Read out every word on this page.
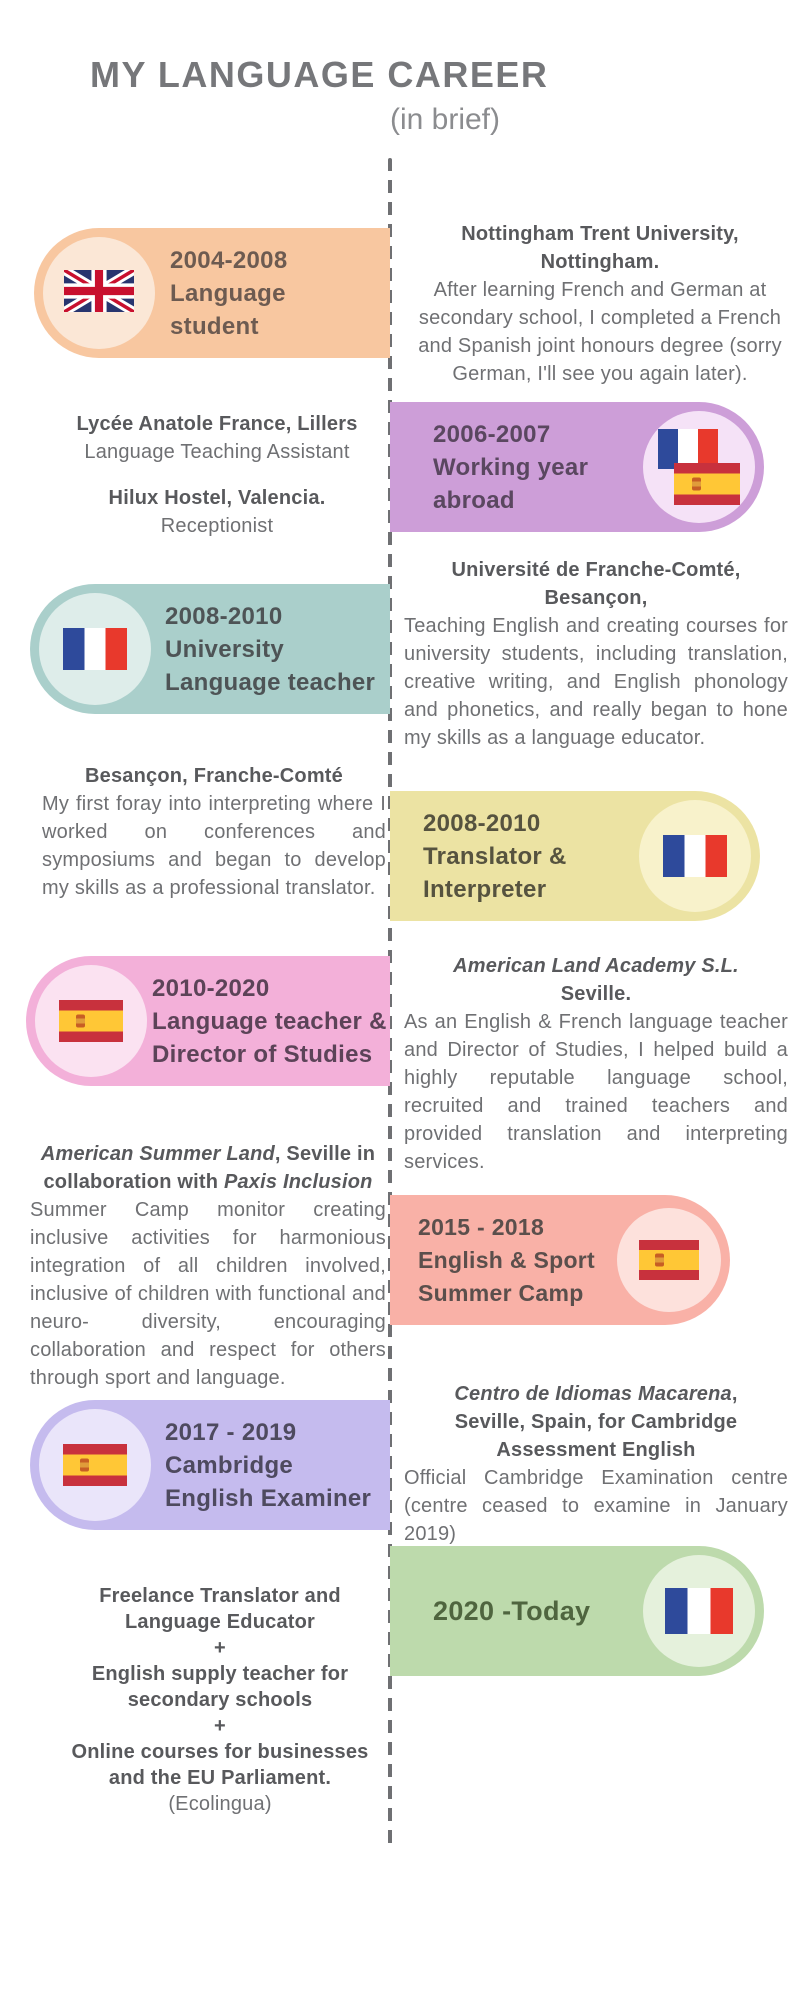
MY LANGUAGE CAREER
(in brief)
2004-2008
Language
student
Nottingham Trent University, Nottingham.
After learning French and German at secondary school, I completed a French and Spanish joint honours degree (sorry German, I'll see you again later).
Lycée Anatole France, Lillers
Language Teaching Assistant
Hilux Hostel, Valencia.
Receptionist
2006-2007
Working year
abroad
2008-2010
University
Language teacher
Université de Franche-Comté, Besançon,
Teaching English and creating courses for university students, including translation, creative writing, and English phonology and phonetics, and really began to hone my skills as a language educator.
Besançon, Franche-Comté
My first foray into interpreting where I worked on conferences and symposiums and began to develop my skills as a professional translator.
2008-2010
Translator &
Interpreter
2010-2020
Language teacher &
Director of Studies
American Land Academy S.L. Seville.
As an English & French language teacher and Director of Studies, I helped build a highly reputable language school, recruited and trained teachers and provided translation and interpreting services.
American Summer Land, Seville in collaboration with Paxis Inclusion
Summer Camp monitor creating inclusive activities for harmonious integration of all children involved, inclusive of children with functional and neuro- diversity, encouraging collaboration and respect for others through sport and language.
2015 - 2018
English & Sport
Summer Camp
2017 - 2019
Cambridge
English Examiner
Centro de Idiomas Macarena, Seville, Spain, for Cambridge Assessment English
Official Cambridge Examination centre (centre ceased to examine in January 2019)
Freelance Translator and Language Educator
+
English supply teacher for secondary schools
+
Online courses for businesses and the EU Parliament.
(Ecolingua)
2020 -Today
